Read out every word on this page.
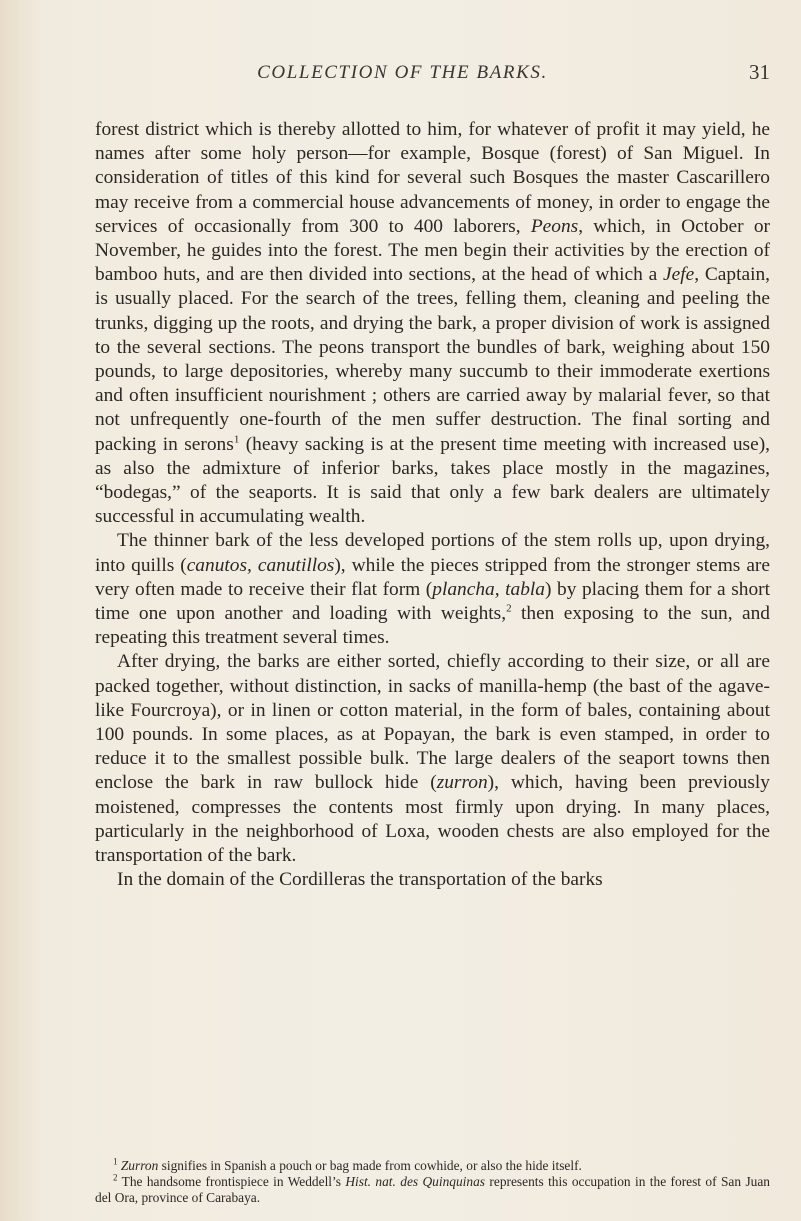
COLLECTION OF THE BARKS.	31

forest district which is thereby allotted to him, for whatever of profit it may yield, he names after some holy person—for example, Bosque (forest) of San Miguel. In consideration of titles of this kind for several such Bosques the master Cascarillero may receive from a commercial house advancements of money, in order to engage the services of occasionally from 300 to 400 laborers, Peons, which, in October or November, he guides into the forest. The men begin their activities by the erection of bamboo huts, and are then divided into sections, at the head of which a Jefe, Captain, is usually placed. For the search of the trees, felling them, cleaning and peeling the trunks, digging up the roots, and drying the bark, a proper division of work is assigned to the several sections. The peons transport the bundles of bark, weighing about 150 pounds, to large depositories, whereby many succumb to their immoderate exertions and often insufficient nourishment ; others are carried away by malarial fever, so that not unfrequently one-fourth of the men suffer destruction. The final sorting and packing in serons$^1$ (heavy sacking is at the present time meeting with increased use), as also the admixture of inferior barks, takes place mostly in the magazines, “bodegas,” of the seaports. It is said that only a few bark dealers are ultimately successful in accumulating wealth.

The thinner bark of the less developed portions of the stem rolls up, upon drying, into quills (canutos, canutillos), while the pieces stripped from the stronger stems are very often made to receive their flat form (plancha, tabla) by placing them for a short time one upon another and loading with weights,$^2$ then exposing to the sun, and repeating this treatment several times.

After drying, the barks are either sorted, chiefly according to their size, or all are packed together, without distinction, in sacks of manilla-hemp (the bast of the agave-like Fourcroya), or in linen or cotton material, in the form of bales, containing about 100 pounds. In some places, as at Popayan, the bark is even stamped, in order to reduce it to the smallest possible bulk. The large dealers of the seaport towns then enclose the bark in raw bullock hide (zurron), which, having been previously moistened, compresses the contents most firmly upon drying. In many places, particularly in the neighborhood of Loxa, wooden chests are also employed for the transportation of the bark.

In the domain of the Cordilleras the transportation of the barks

$^1$ Zurron signifies in Spanish a pouch or bag made from cowhide, or also the hide itself.

$^2$ The handsome frontispiece in Weddell’s Hist. nat. des Quinquinas represents this occupation in the forest of San Juan del Ora, province of Carabaya.
